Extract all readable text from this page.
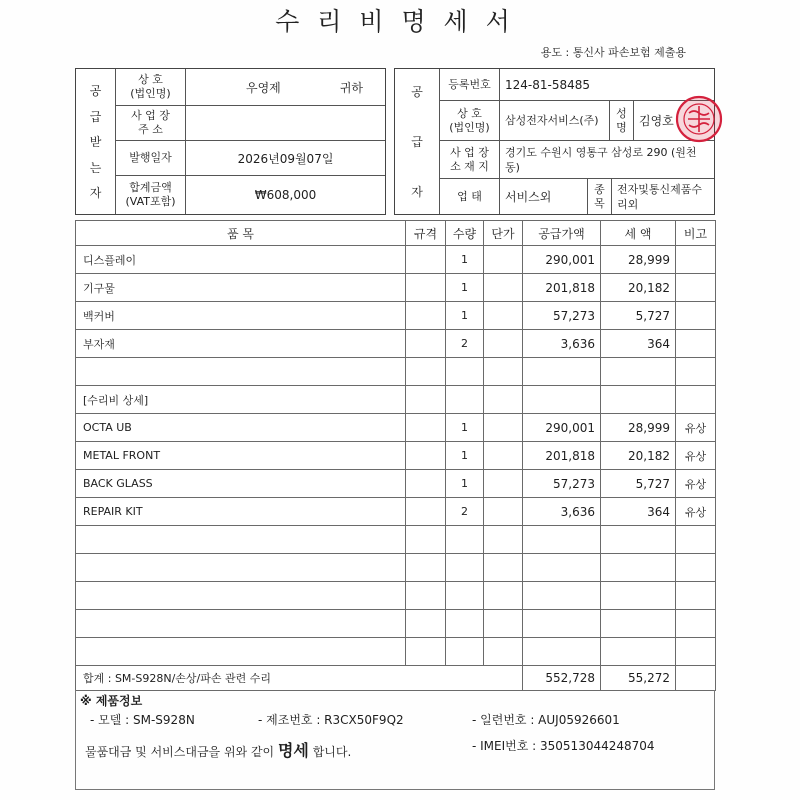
수 리 비 명 세 서
용도 : 통신사 파손보험 제출용
공
급
받
는
자
상 호
(법인명)	우영제	귀하
사 업 장
주 소
발행일자	2026년09월07일
합계금액
(VAT포함)	₩608,000
공
급
자
등록번호	124-81-58485
상 호
(법인명)	삼성전자서비스(주)
성
명	김영호
사 업 장
소 재 지
경기도 수원시 영통구 삼성로 290 (원천동)
업 태	서비스외
종
목
전자및통신제품수리외
품 목	규격	수량	단가	공급가액	세 액	비고
디스플레이		1		290,001	28,999	
기구물		1		201,818	20,182	
백커버		1		57,273	5,727	
부자재		2		3,636	364	

[수리비 상세]						
OCTA UB		1		290,001	28,999	유상
METAL FRONT		1		201,818	20,182	유상
BACK GLASS		1		57,273	5,727	유상
REPAIR KIT		2		3,636	364	유상

합계 : SM-S928N/손상/파손 관련 수리				552,728	55,272	
※ 제품정보
- 모델 : SM-S928N	- 제조번호 : R3CX50F9Q2	- 일련번호 : AUJ05926601
- IMEI번호 : 350513044248704
물품대금 및 서비스대금을 위와 같이 명세 합니다.
